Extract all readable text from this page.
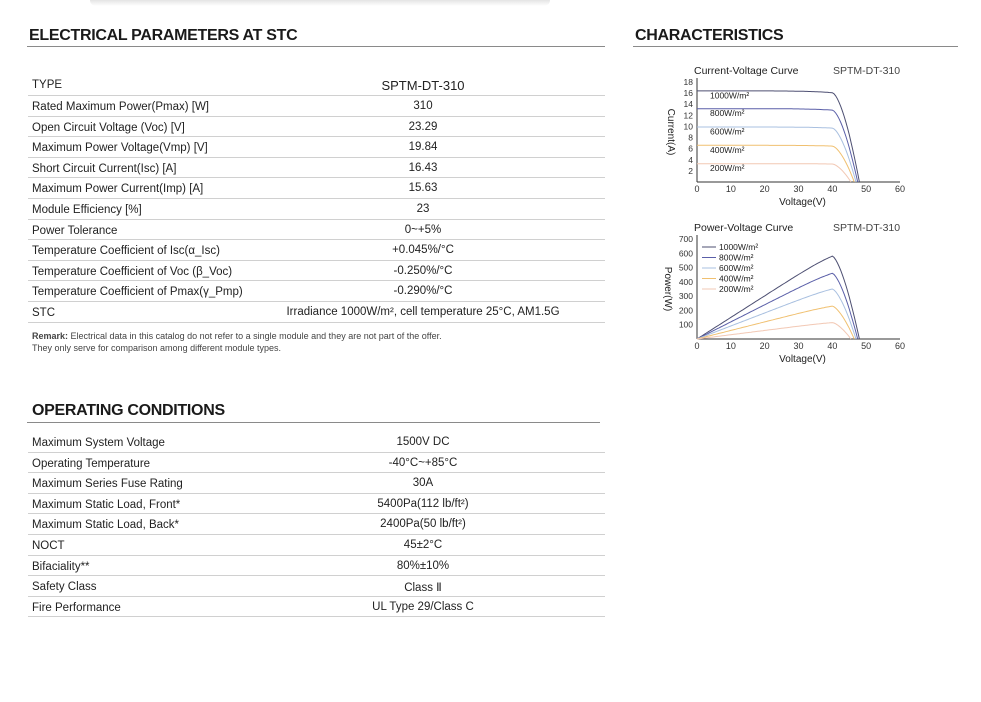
ELECTRICAL PARAMETERS AT STC
TYPE	SPTM-DT-310
Rated Maximum Power(Pmax) [W]	310
Open Circuit Voltage (Voc) [V]	23.29
Maximum Power Voltage(Vmp) [V]	19.84
Short Circuit Current(Isc) [A]	16.43
Maximum Power Current(Imp) [A]	15.63
Module Efficiency [%]	23
Power Tolerance	0~+5%
Temperature Coefficient of Isc(α_Isc)	+0.045%/°C
Temperature Coefficient of Voc (β_Voc)	-0.250%/°C
Temperature Coefficient of Pmax(γ_Pmp)	-0.290%/°C
STC	Irradiance 1000W/m², cell temperature 25°C, AM1.5G
Remark: Electrical data in this catalog do not refer to a single module and they are not part of the offer.
They only serve for comparison among different module types.
OPERATING CONDITIONS
Maximum System Voltage	1500V DC
Operating Temperature	-40°C~+85°C
Maximum Series Fuse Rating	30A
Maximum Static Load, Front*	5400Pa(112 lb/ft²)
Maximum Static Load, Back*	2400Pa(50 lb/ft²)
NOCT	45±2°C
Bifaciality**	80%±10%
Safety Class	Class Ⅱ
Fire Performance	UL Type 29/Class C
CHARACTERISTICS
Current-Voltage Curve	SPTM-DT-310
0	10	20	30	40	60
50
2
4
6
8
10
12
14
16
18
Voltage(V)
Current(A)
1000W/m²
800W/m²
600W/m²
400W/m²
200W/m²
Power-Voltage Curve	SPTM-DT-310
0	10	20	30	40	50	60
100
200
300
400
500
600
700
Voltage(V)
Power(W)
1000W/m²
800W/m²
600W/m²
400W/m²
200W/m²
